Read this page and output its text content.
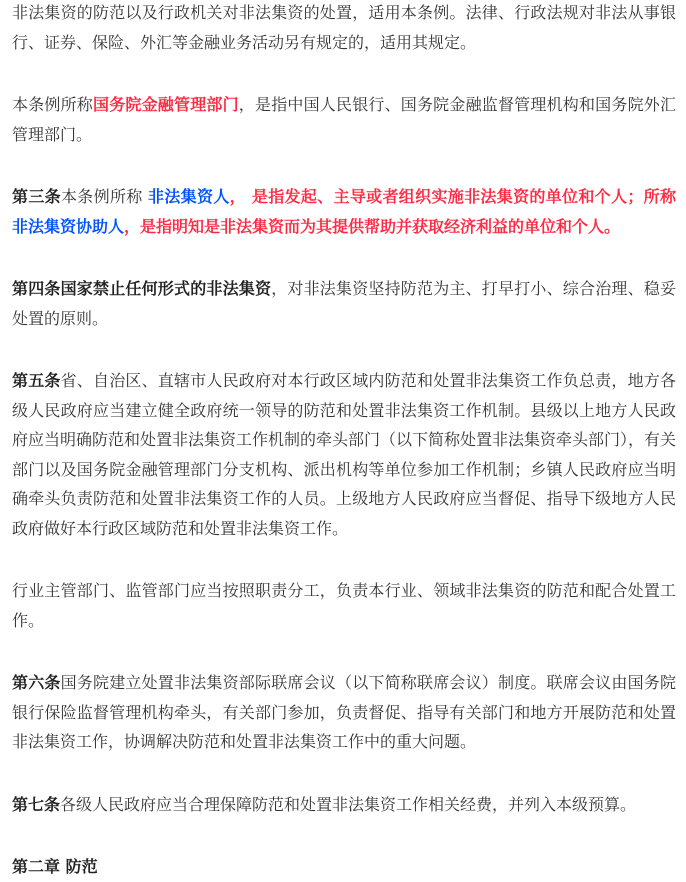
非法集资的防范以及行政机关对非法集资的处置，适用本条例。法律、行政法规对非法从事银行、证券、保险、外汇等金融业务活动另有规定的，适用其规定。

本条例所称国务院金融管理部门，是指中国人民银行、国务院金融监督管理机构和国务院外汇管理部门。

第三条本条例所称 非法集资人， 是指发起、主导或者组织实施非法集资的单位和个人；所称非法集资协助人，是指明知是非法集资而为其提供帮助并获取经济利益的单位和个人。

第四条国家禁止任何形式的非法集资，对非法集资坚持防范为主、打早打小、综合治理、稳妥处置的原则。

第五条省、自治区、直辖市人民政府对本行政区域内防范和处置非法集资工作负总责，地方各级人民政府应当建立健全政府统一领导的防范和处置非法集资工作机制。县级以上地方人民政府应当明确防范和处置非法集资工作机制的牵头部门（以下简称处置非法集资牵头部门），有关部门以及国务院金融管理部门分支机构、派出机构等单位参加工作机制；乡镇人民政府应当明确牵头负责防范和处置非法集资工作的人员。上级地方人民政府应当督促、指导下级地方人民政府做好本行政区域防范和处置非法集资工作。

行业主管部门、监管部门应当按照职责分工，负责本行业、领域非法集资的防范和配合处置工作。

第六条国务院建立处置非法集资部际联席会议（以下简称联席会议）制度。联席会议由国务院银行保险监督管理机构牵头，有关部门参加，负责督促、指导有关部门和地方开展防范和处置非法集资工作，协调解决防范和处置非法集资工作中的重大问题。

第七条各级人民政府应当合理保障防范和处置非法集资工作相关经费，并列入本级预算。

第二章 防范
